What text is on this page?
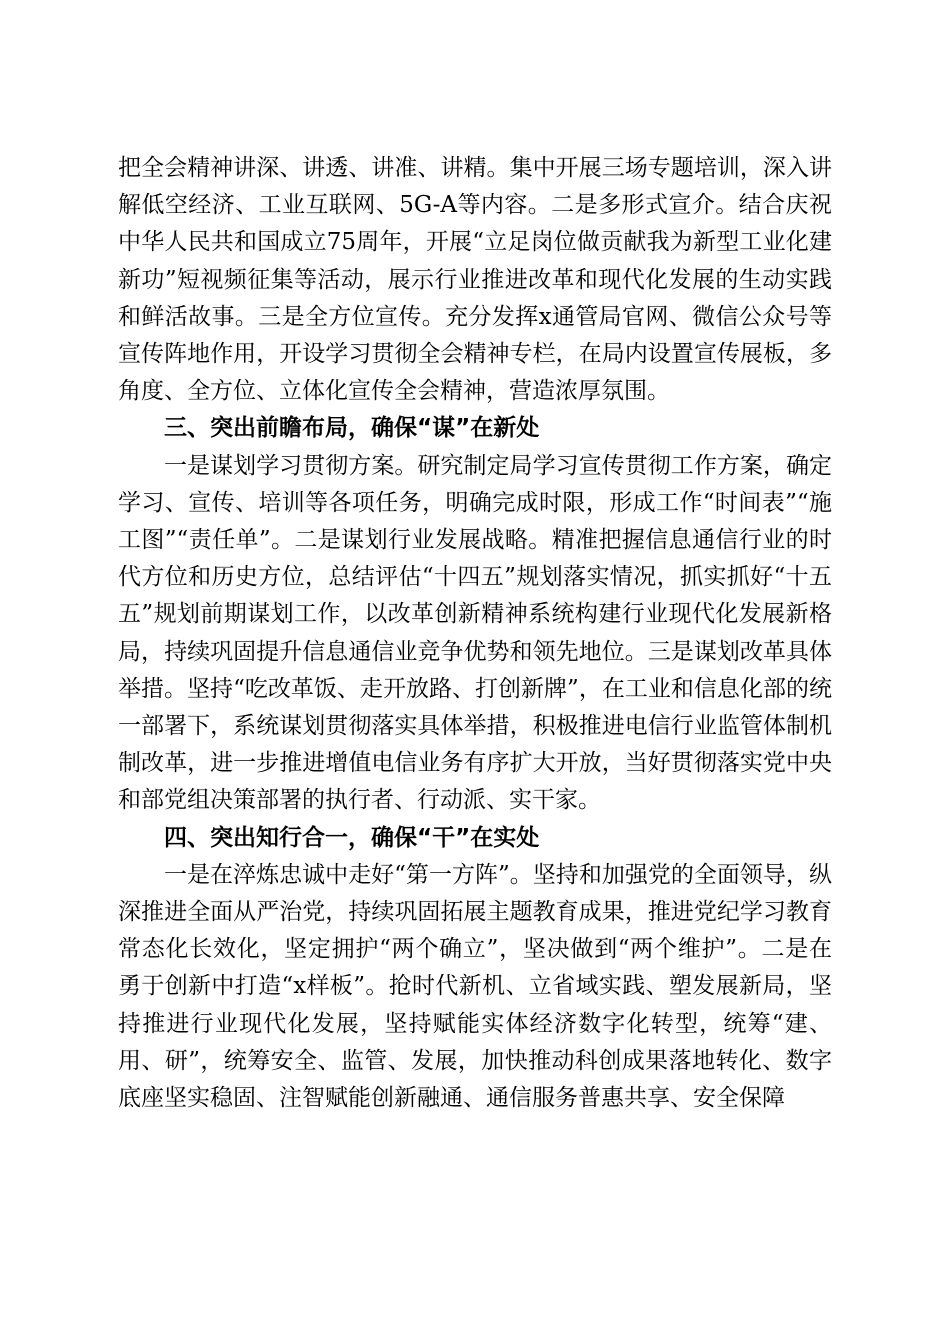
把全会精神讲深、讲透、讲准、讲精。集中开展三场专题培训，深入讲解低空经济、工业互联网、5G-A等内容。二是多形式宣介。结合庆祝中华人民共和国成立75周年，开展“立足岗位做贡献我为新型工业化建新功”短视频征集等活动，展示行业推进改革和现代化发展的生动实践和鲜活故事。三是全方位宣传。充分发挥x通管局官网、微信公众号等宣传阵地作用，开设学习贯彻全会精神专栏，在局内设置宣传展板，多角度、全方位、立体化宣传全会精神，营造浓厚氛围。

三、突出前瞻布局，确保“谋”在新处

一是谋划学习贯彻方案。研究制定局学习宣传贯彻工作方案，确定学习、宣传、培训等各项任务，明确完成时限，形成工作“时间表”“施工图”“责任单”。二是谋划行业发展战略。精准把握信息通信行业的时代方位和历史方位，总结评估“十四五”规划落实情况，抓实抓好“十五五”规划前期谋划工作，以改革创新精神系统构建行业现代化发展新格局，持续巩固提升信息通信业竞争优势和领先地位。三是谋划改革具体举措。坚持“吃改革饭、走开放路、打创新牌”，在工业和信息化部的统一部署下，系统谋划贯彻落实具体举措，积极推进电信行业监管体制机制改革，进一步推进增值电信业务有序扩大开放，当好贯彻落实党中央和部党组决策部署的执行者、行动派、实干家。

四、突出知行合一，确保“干”在实处

一是在淬炼忠诚中走好“第一方阵”。坚持和加强党的全面领导，纵深推进全面从严治党，持续巩固拓展主题教育成果，推进党纪学习教育常态化长效化，坚定拥护“两个确立”，坚决做到“两个维护”。二是在勇于创新中打造“x样板”。抢时代新机、立省域实践、塑发展新局，坚持推进行业现代化发展，坚持赋能实体经济数字化转型，统筹“建、用、研”，统筹安全、监管、发展，加快推动科创成果落地转化、数字底座坚实稳固、注智赋能创新融通、通信服务普惠共享、安全保障
